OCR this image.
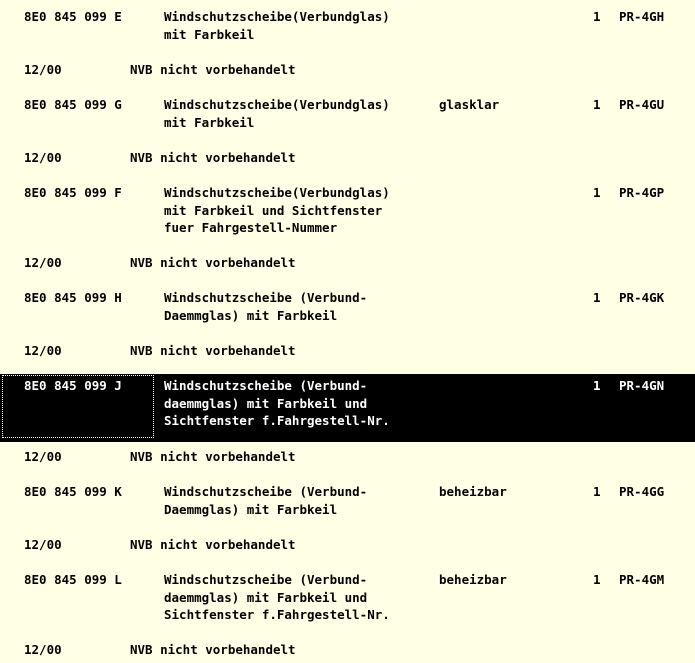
8E0 845 099 E	Windschutzscheibe(Verbundglas)
mit Farbkeil
1 PR-4GH
12/00	NVB nicht vorbehandelt
8E0 845 099 G	Windschutzscheibe(Verbundglas)
mit Farbkeil
glasklar	1 PR-4GU
12/00	NVB nicht vorbehandelt
8E0 845 099 F	Windschutzscheibe(Verbundglas)
mit Farbkeil und Sichtfenster
fuer Fahrgestell-Nummer
1 PR-4GP
12/00	NVB nicht vorbehandelt
8E0 845 099 H	Windschutzscheibe (Verbund-
Daemmglas) mit Farbkeil
1 PR-4GK
12/00	NVB nicht vorbehandelt
8E0 845 099 J	Windschutzscheibe (Verbund-
daemmglas) mit Farbkeil und
Sichtfenster f.Fahrgestell-Nr.
1 PR-4GN
12/00	NVB nicht vorbehandelt
8E0 845 099 K	Windschutzscheibe (Verbund-
Daemmglas) mit Farbkeil
beheizbar	1 PR-4GG
12/00	NVB nicht vorbehandelt
8E0 845 099 L	Windschutzscheibe (Verbund-
daemmglas) mit Farbkeil und
Sichtfenster f.Fahrgestell-Nr.
beheizbar	1 PR-4GM
12/00	NVB nicht vorbehandelt
